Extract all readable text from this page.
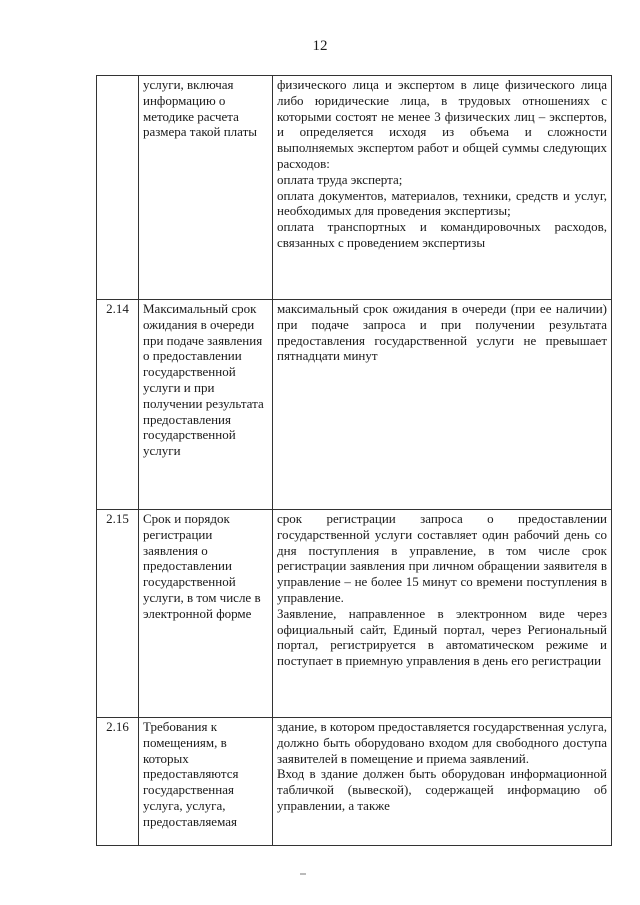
12
	услуги, включая информацию о методике расчета размера такой платы	физического лица и экспертом в лице физического лица либо юридические лица, в трудовых отношениях с которыми состоят не менее 3 физических лиц – экспертов, и определяется исходя из объема и сложности выполняемых экспертом работ и общей суммы следующих расходов:
оплата труда эксперта;
оплата документов, материалов, техники, средств и услуг, необходимых для проведения экспертизы;
оплата транспортных и командировочных расходов, связанных с проведением экспертизы

2.14	Максимальный срок ожидания в очереди при подаче заявления о предоставлении государственной услуги и при получении результата предоставления государственной услуги	максимальный срок ожидания в очереди (при ее наличии) при подаче запроса и при получении результата предоставления государственной услуги не превышает пятнадцати минут

2.15	Срок и порядок регистрации заявления о предоставлении государственной услуги, в том числе в электронной форме	срок регистрации запроса о предоставлении государственной услуги составляет один рабочий день со дня поступления в управление, в том числе срок регистрации заявления при личном обращении заявителя в управление – не более 15 минут со времени поступления в управление.
Заявление, направленное в электронном виде через официальный сайт, Единый портал, через Региональный портал, регистрируется в автоматическом режиме и поступает в приемную управления в день его регистрации

2.16	Требования к помещениям, в которых предоставляются государственная услуга, услуга, предоставляемая	здание, в котором предоставляется государственная услуга, должно быть оборудовано входом для свободного доступа заявителей в помещение и приема заявлений.
Вход в здание должен быть оборудован информационной табличкой (вывеской), содержащей информацию об управлении, а также
